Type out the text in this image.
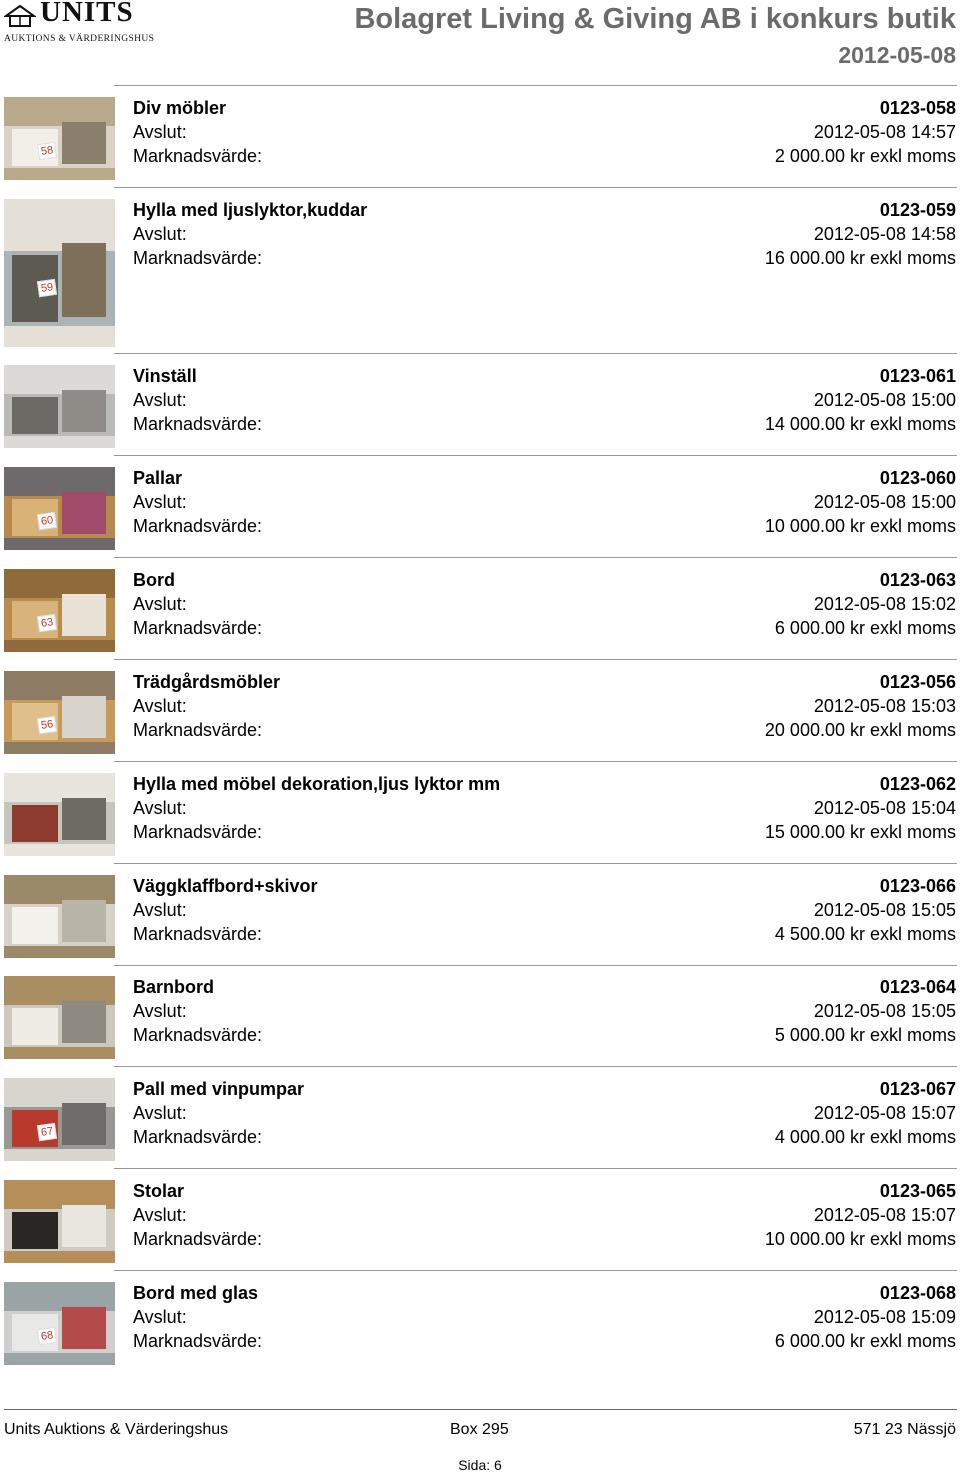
UNITS
AUKTIONS & VÄRDERINGSHUS
Bolagret Living & Giving AB i konkurs butik
2012-05-08
58
Div möbler
Avslut:
Marknadsvärde:
0123-058
2012-05-08 14:57
2 000.00 kr exkl moms
59
Hylla med ljuslyktor,kuddar
Avslut:
Marknadsvärde:
0123-059
2012-05-08 14:58
16 000.00 kr exkl moms
Vinställ
Avslut:
Marknadsvärde:
0123-061
2012-05-08 15:00
14 000.00 kr exkl moms
60
Pallar
Avslut:
Marknadsvärde:
0123-060
2012-05-08 15:00
10 000.00 kr exkl moms
63
Bord
Avslut:
Marknadsvärde:
0123-063
2012-05-08 15:02
6 000.00 kr exkl moms
56
Trädgårdsmöbler
Avslut:
Marknadsvärde:
0123-056
2012-05-08 15:03
20 000.00 kr exkl moms
Hylla med möbel dekoration,ljus lyktor mm
Avslut:
Marknadsvärde:
0123-062
2012-05-08 15:04
15 000.00 kr exkl moms
Väggklaffbord+skivor
Avslut:
Marknadsvärde:
0123-066
2012-05-08 15:05
4 500.00 kr exkl moms
Barnbord
Avslut:
Marknadsvärde:
0123-064
2012-05-08 15:05
5 000.00 kr exkl moms
67
Pall med vinpumpar
Avslut:
Marknadsvärde:
0123-067
2012-05-08 15:07
4 000.00 kr exkl moms
Stolar
Avslut:
Marknadsvärde:
0123-065
2012-05-08 15:07
10 000.00 kr exkl moms
68
Bord med glas
Avslut:
Marknadsvärde:
0123-068
2012-05-08 15:09
6 000.00 kr exkl moms
Units Auktions & Värderingshus	Box 295	571 23 Nässjö
Sida: 6
